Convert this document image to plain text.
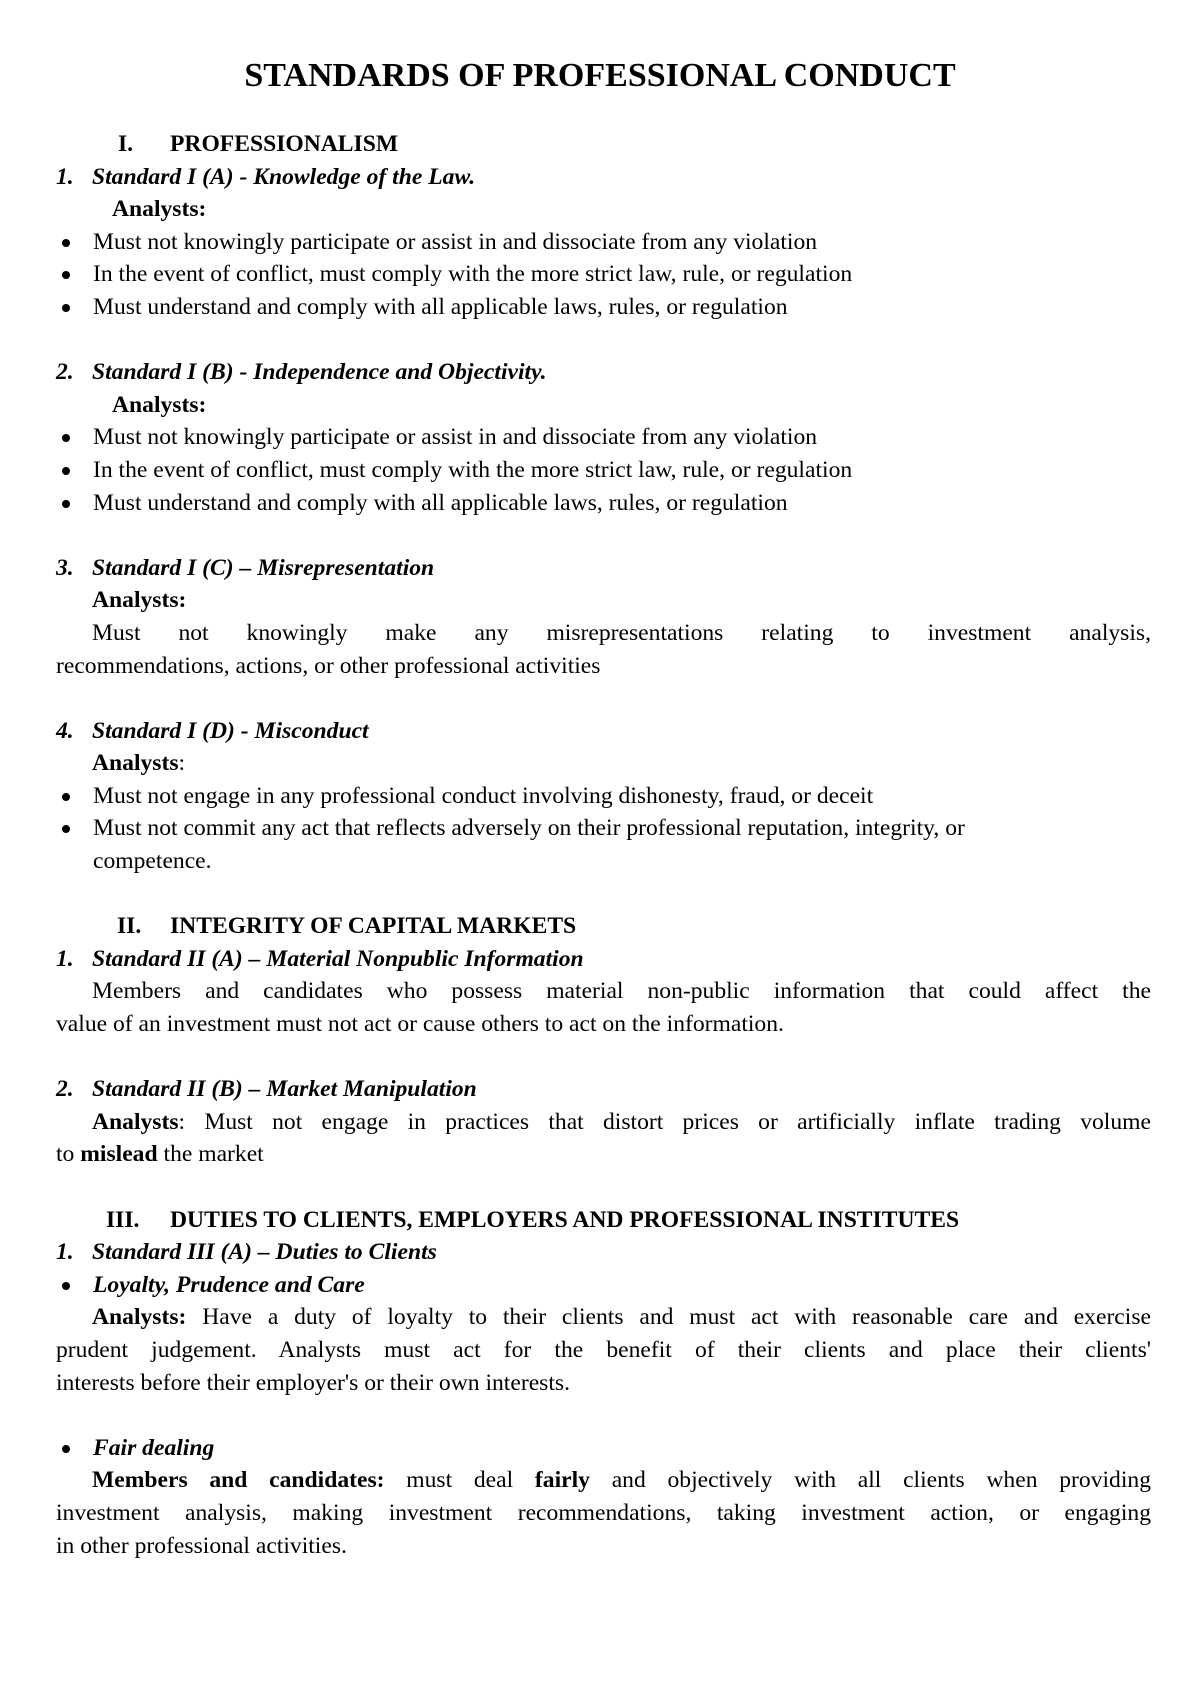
STANDARDS OF PROFESSIONAL CONDUCT
I. PROFESSIONALISM
1. Standard I (A) - Knowledge of the Law.
Analysts:
Must not knowingly participate or assist in and dissociate from any violation
In the event of conflict, must comply with the more strict law, rule, or regulation
Must understand and comply with all applicable laws, rules, or regulation
2. Standard I (B) - Independence and Objectivity.
Analysts:
Must not knowingly participate or assist in and dissociate from any violation
In the event of conflict, must comply with the more strict law, rule, or regulation
Must understand and comply with all applicable laws, rules, or regulation
3. Standard I (C) – Misrepresentation
Analysts:
Must not knowingly make any misrepresentations relating to investment analysis,
recommendations, actions, or other professional activities
4. Standard I (D) - Misconduct
Analysts:
Must not engage in any professional conduct involving dishonesty, fraud, or deceit
Must not commit any act that reflects adversely on their professional reputation, integrity, or
competence.
II. INTEGRITY OF CAPITAL MARKETS
1. Standard II (A) – Material Nonpublic Information
Members and candidates who possess material non-public information that could affect the
value of an investment must not act or cause others to act on the information.
2. Standard II (B) – Market Manipulation
Analysts: Must not engage in practices that distort prices or artificially inflate trading volume
to mislead the market
III. DUTIES TO CLIENTS, EMPLOYERS AND PROFESSIONAL INSTITUTES
1. Standard III (A) – Duties to Clients
Loyalty, Prudence and Care
Analysts: Have a duty of loyalty to their clients and must act with reasonable care and exercise
prudent judgement. Analysts must act for the benefit of their clients and place their clients'
interests before their employer's or their own interests.
Fair dealing
Members and candidates: must deal fairly and objectively with all clients when providing
investment analysis, making investment recommendations, taking investment action, or engaging
in other professional activities.
